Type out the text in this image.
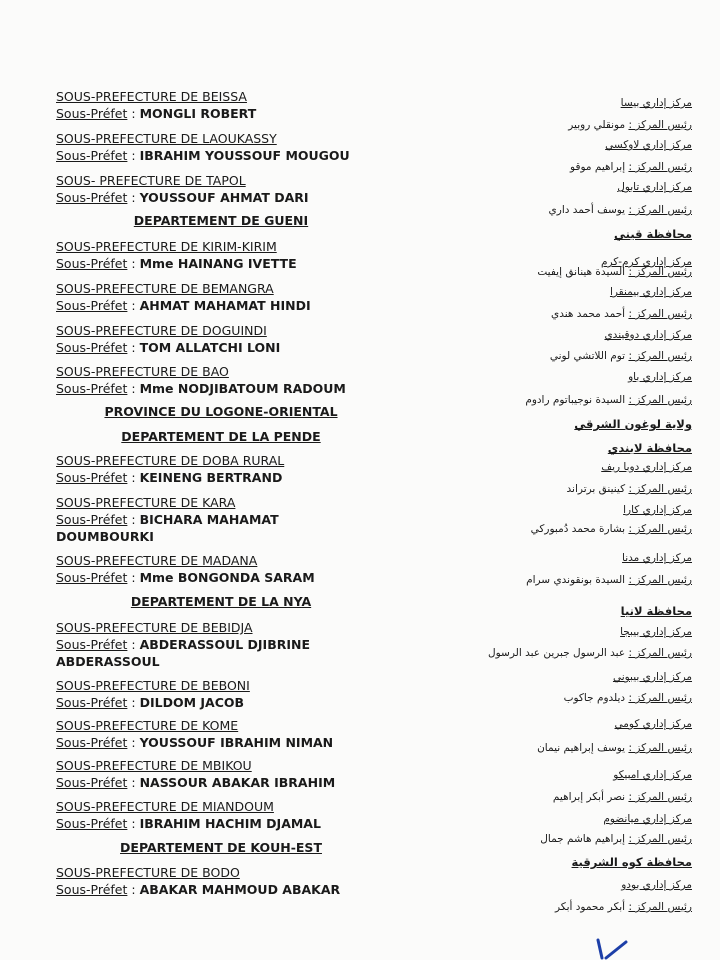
SOUS-PREFECTURE DE BEISSA
Sous-Préfet : MONGLI ROBERT
SOUS-PREFECTURE DE LAOUKASSY
Sous-Préfet : IBRAHIM YOUSSOUF MOUGOU
SOUS- PREFECTURE DE TAPOL
Sous-Préfet : YOUSSOUF AHMAT DARI
DEPARTEMENT DE GUENI
SOUS-PREFECTURE DE KIRIM-KIRIM
Sous-Préfet : Mme HAINANG IVETTE
SOUS-PREFECTURE DE BEMANGRA
Sous-Préfet : AHMAT MAHAMAT HINDI
SOUS-PREFECTURE DE DOGUINDI
Sous-Préfet : TOM ALLATCHI LONI
SOUS-PREFECTURE DE BAO
Sous-Préfet : Mme NODJIBATOUM RADOUM
PROVINCE DU LOGONE-ORIENTAL
DEPARTEMENT DE LA PENDE
SOUS-PREFECTURE DE DOBA RURAL
Sous-Préfet : KEINENG BERTRAND
SOUS-PREFECTURE DE KARA
Sous-Préfet : BICHARA MAHAMAT
DOUMBOURKI
SOUS-PREFECTURE DE MADANA
Sous-Préfet : Mme BONGONDA SARAM
DEPARTEMENT DE LA NYA
SOUS-PREFECTURE DE BEBIDJA
Sous-Préfet : ABDERASSOUL DJIBRINE
ABDERASSOUL
SOUS-PREFECTURE DE BEBONI
Sous-Préfet : DILDOM JACOB
SOUS-PREFECTURE DE KOME
Sous-Préfet : YOUSSOUF IBRAHIM NIMAN
SOUS-PREFECTURE DE MBIKOU
Sous-Préfet : NASSOUR ABAKAR IBRAHIM
SOUS-PREFECTURE DE MIANDOUM
Sous-Préfet : IBRAHIM HACHIM DJAMAL
DEPARTEMENT DE KOUH-EST
SOUS-PREFECTURE DE BODO
Sous-Préfet : ABAKAR MAHMOUD ABAKAR
مركز إداري بيسا
رئيس المركز : مونقلي روبير
مركز إداري لاوكسي
رئيس المركز : إبراهيم موقو
مركز إداري تابول
رئيس المركز : يوسف أحمد داري
محافظة قيني
مركز إداري كرم-كرم
رئيس المركز : السيدة هينانق إيفيت
مركز إداري بيمنقرا
رئيس المركز : أحمد محمد هندي
مركز إداري دوقيندي
رئيس المركز : توم اللاتشي لوني
مركز إداري باو
رئيس المركز : السيدة نوجيباتوم رادوم
ولاية لوغون الشرقي
محافظة لابندي
مركز إداري دوبا ريف
رئيس المركز : كينينق برتراند
مركز إداري كارا
رئيس المركز : بشارة محمد دُمبوركي
مركز إداري مدنا
رئيس المركز : السيدة بونقوندي سرام
محافظة لانيا
مركز إداري بيبجا
رئيس المركز : عبد الرسول جبرين عبد الرسول
مركز إداري بيبوني
رئيس المركز : ديلدوم جاكوب
مركز إداري كومي
رئيس المركز : يوسف إبراهيم نيمان
مركز إداري امبيكو
رئيس المركز : نصر أبكر إبراهيم
مركز إداري ميانضوم
رئيس المركز : إبراهيم هاشم جمال
محافظة كوه الشرقية
مركز إداري بودو
رئيس المركز : أبكر محمود أبكر
